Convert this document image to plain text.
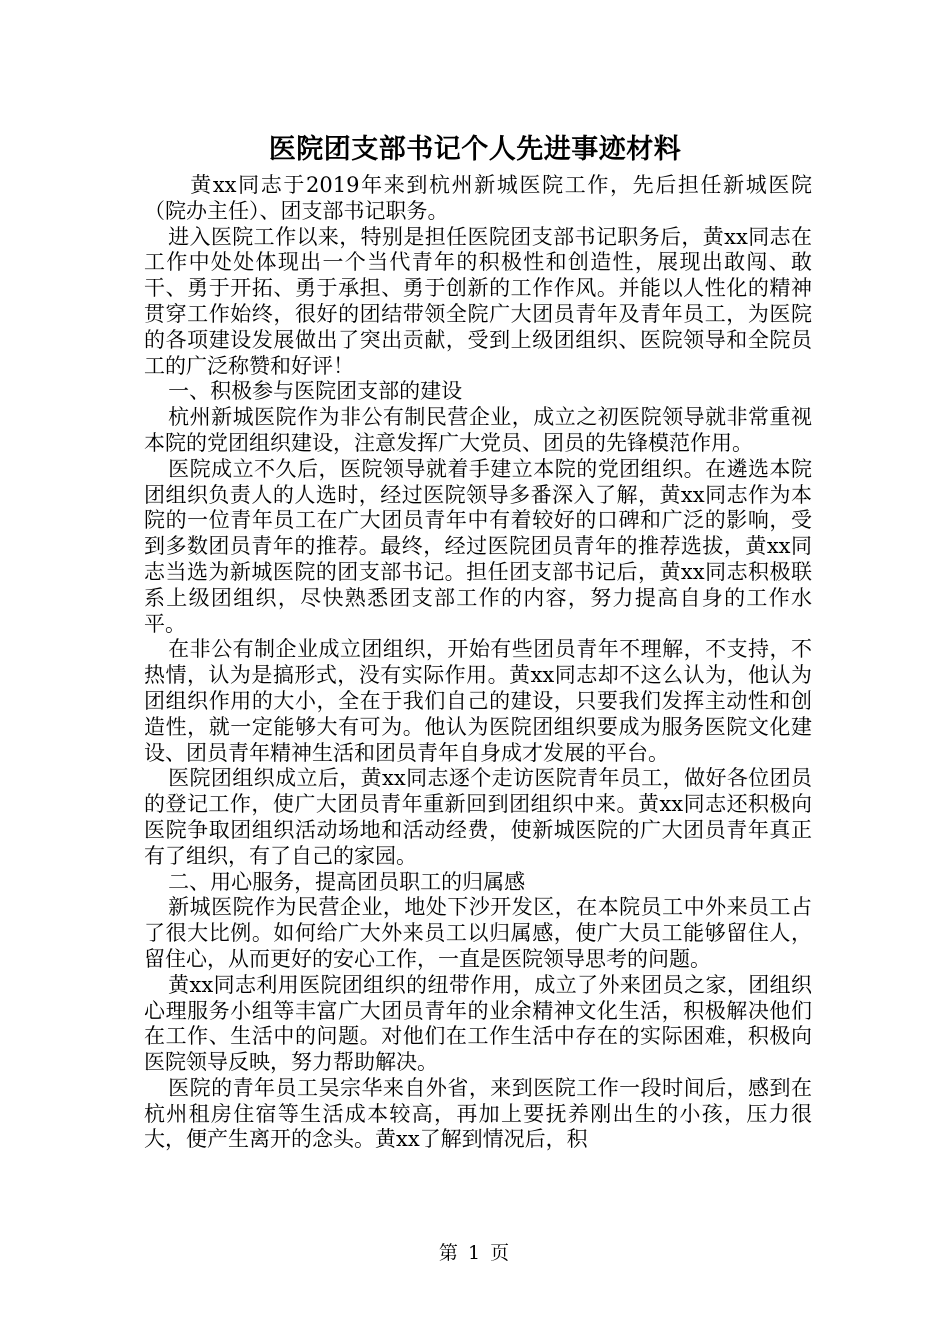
医院团支部书记个人先进事迹材料

黄xx同志于2019年来到杭州新城医院工作，先后担任新城医院（院办主任）、团支部书记职务。

进入医院工作以来，特别是担任医院团支部书记职务后，黄xx同志在工作中处处体现出一个当代青年的积极性和创造性，展现出敢闯、敢干、勇于开拓、勇于承担、勇于创新的工作作风。并能以人性化的精神贯穿工作始终，很好的团结带领全院广大团员青年及青年员工，为医院的各项建设发展做出了突出贡献，受到上级团组织、医院领导和全院员工的广泛称赞和好评！

一、积极参与医院团支部的建设

杭州新城医院作为非公有制民营企业，成立之初医院领导就非常重视本院的党团组织建设，注意发挥广大党员、团员的先锋模范作用。

医院成立不久后，医院领导就着手建立本院的党团组织。在遴选本院团组织负责人的人选时，经过医院领导多番深入了解，黄xx同志作为本院的一位青年员工在广大团员青年中有着较好的口碑和广泛的影响，受到多数团员青年的推荐。最终，经过医院团员青年的推荐选拔，黄xx同志当选为新城医院的团支部书记。担任团支部书记后，黄xx同志积极联系上级团组织，尽快熟悉团支部工作的内容，努力提高自身的工作水平。

在非公有制企业成立团组织，开始有些团员青年不理解，不支持，不热情，认为是搞形式，没有实际作用。黄xx同志却不这么认为，他认为团组织作用的大小，全在于我们自己的建设，只要我们发挥主动性和创造性，就一定能够大有可为。他认为医院团组织要成为服务医院文化建设、团员青年精神生活和团员青年自身成才发展的平台。

医院团组织成立后，黄xx同志逐个走访医院青年员工，做好各位团员的登记工作，使广大团员青年重新回到团组织中来。黄xx同志还积极向医院争取团组织活动场地和活动经费，使新城医院的广大团员青年真正有了组织，有了自己的家园。

二、用心服务，提高团员职工的归属感

新城医院作为民营企业，地处下沙开发区，在本院员工中外来员工占了很大比例。如何给广大外来员工以归属感，使广大员工能够留住人，留住心，从而更好的安心工作，一直是医院领导思考的问题。

黄xx同志利用医院团组织的纽带作用，成立了外来团员之家，团组织心理服务小组等丰富广大团员青年的业余精神文化生活，积极解决他们在工作、生活中的问题。对他们在工作生活中存在的实际困难，积极向医院领导反映，努力帮助解决。

医院的青年员工吴宗华来自外省，来到医院工作一段时间后，感到在杭州租房住宿等生活成本较高，再加上要抚养刚出生的小孩，压力很大，便产生离开的念头。黄xx了解到情况后，积

第 1 页
